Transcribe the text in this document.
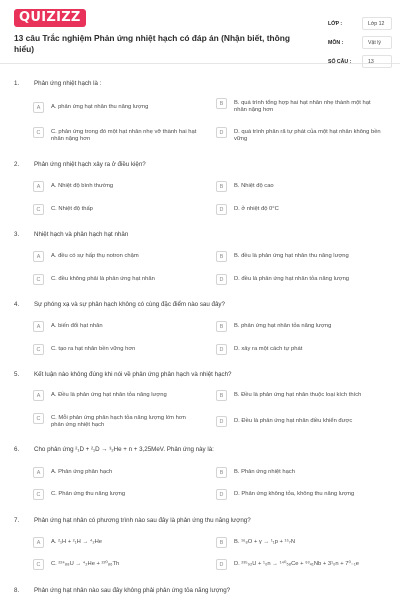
QUIZIZZ
13 câu Trắc nghiệm Phản ứng nhiệt hạch có đáp án (Nhận biết, thông hiểu)
LỚP :	Lớp 12
MÔN :	Vật lý
SỐ CÂU :	13
1.	Phản ứng nhiệt hạch là :
A	A. phản ứng hạt nhân thu năng lượng	B	B. quá trình tổng hợp hai hạt nhân nhẹ thành một hạt nhân nặng hơn
C	C. phản ứng trong đó một hạt nhân nhẹ vỡ thành hai hạt nhân nặng hơn
D	D. quá trình phân rã tự phát của một hạt nhân không bền vững
2.	Phản ứng nhiệt hạch xảy ra ở điều kiện?
A	A. Nhiệt độ bình thường	B	B. Nhiệt độ cao
C	C. Nhiệt độ thấp	D	D. ở nhiệt độ 0°C
3.	Nhiệt hạch và phân hạch hạt nhân
A	A. đều có sự hấp thụ notron chậm	B	B. đều là phản ứng hạt nhân thu năng lượng
C	C. đều không phải là phản ứng hạt nhân	D	D. đều là phản ứng hạt nhân tỏa năng lượng
4.	Sự phóng xạ và sự phân hạch không có cùng đặc điểm nào sau đây?
A	A. biến đổi hạt nhân	B	B. phản ứng hạt nhân tỏa năng lượng
C	C. tạo ra hạt nhân bền vững hơn	D	D. xảy ra một cách tự phát
5.	Kết luận nào không đúng khi nói về phản ứng phân hạch và nhiệt hạch?
A	A. Đều là phản ứng hạt nhân tỏa năng lượng	B	B. Đều là phản ứng hạt nhân thuộc loại kích thích
C	C. Mỗi phản ứng phân hạch tỏa năng lượng lớn hơn phản ứng nhiệt hạch
D	D. Đều là phản ứng hạt nhân điều khiển được
6.	Cho phản ứng ²₁D + ²₁D → ³₂He + n + 3,25MeV. Phản ứng này là:
A	A. Phản ứng phân hạch	B	B. Phản ứng nhiệt hạch
C	C. Phản ứng thu năng lượng	D	D. Phản ứng không tỏa, không thu năng lượng
7.	Phản ứng hạt nhân có phương trình nào sau đây là phản ứng thu năng lượng?
A	A. ²₁H + ²₁H → ⁴₂He	B	B. ¹⁶₈O + γ → ¹₁p + ¹⁵₇N
C	C. ²²⁴₈₈U → ⁴₂He + ²²⁰₈₆Th	D	D. ²³⁵₉₂U + ¹₀n → ¹⁴⁰₅₈Ce + ⁹³₄₁Nb + 3¹₀n + 7⁰₋₁e
8.	Phản ứng hạt nhân nào sau đây không phải phản ứng tỏa năng lượng?
